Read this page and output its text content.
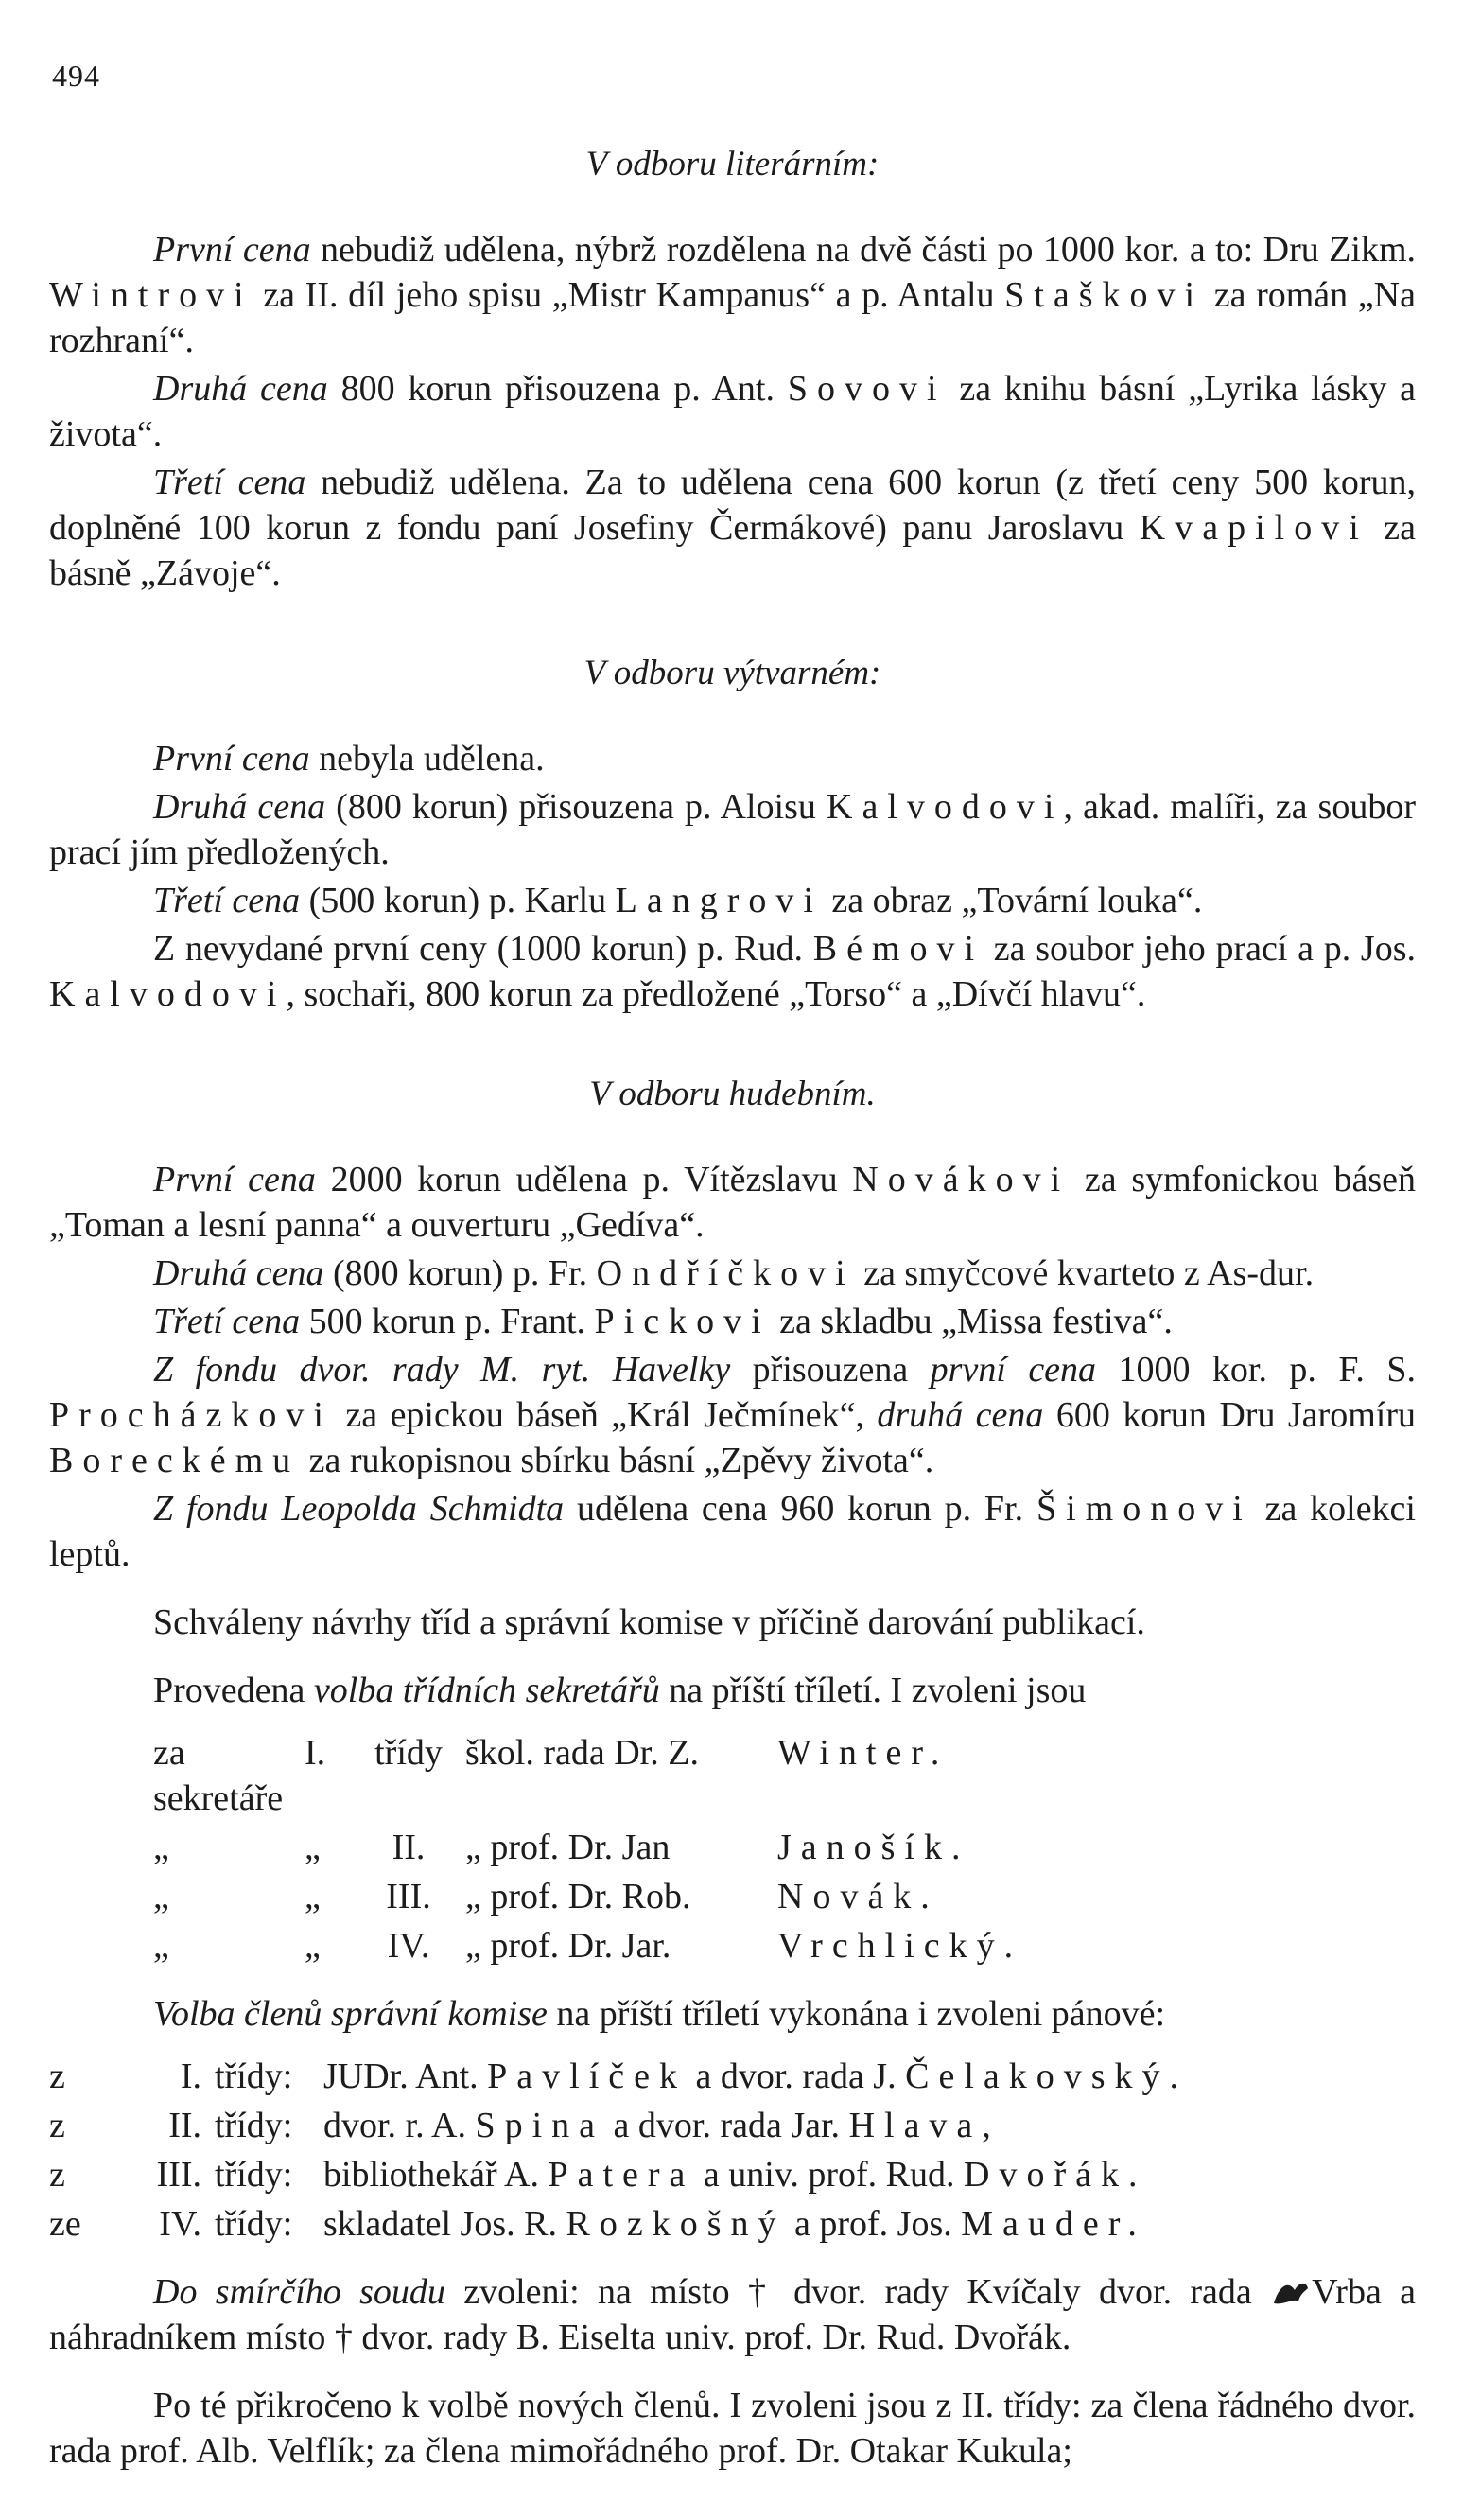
494
V odboru literárním:

První cena nebudiž udělena, nýbrž rozdělena na dvě části po 1000 kor. a to: Dru Zikm. Wintrovi za II. díl jeho spisu „Mistr Kampanus“ a p. Antalu Staškovi za román „Na rozhraní“.

Druhá cena 800 korun přisouzena p. Ant. Sovovi za knihu básní „Lyrika lásky a života“.

Třetí cena nebudiž udělena. Za to udělena cena 600 korun (z třetí ceny 500 korun, doplněné 100 korun z fondu paní Josefiny Čermákové) panu Jaroslavu Kvapilovi za básně „Závoje“.

V odboru výtvarném:

První cena nebyla udělena.

Druhá cena (800 korun) přisouzena p. Aloisu Kalvodovi, akad. malíři, za soubor prací jím předložených.

Třetí cena (500 korun) p. Karlu Langrovi za obraz „Tovární louka“.

Z nevydané první ceny (1000 korun) p. Rud. Bémovi za soubor jeho prací a p. Jos. Kalvodovi, sochaři, 800 korun za předložené „Torso“ a „Dívčí hlavu“.

V odboru hudebním.

První cena 2000 korun udělena p. Vítězslavu Novákovi za symfonickou báseň „Toman a lesní panna“ a ouverturu „Gedíva“.

Druhá cena (800 korun) p. Fr. Ondříčkovi za smyčcové kvarteto z As-dur.

Třetí cena 500 korun p. Frant. Pickovi za skladbu „Missa festiva“.

Z fondu dvor. rady M. ryt. Havelky přisouzena první cena 1000 kor. p. F. S. Procházkovi za epickou báseň „Král Ječmínek“, druhá cena 600 korun Dru Jaromíru Boreckému za rukopisnou sbírku básní „Zpěvy života“.

Z fondu Leopolda Schmidta udělena cena 960 korun p. Fr. Šimonovi za kolekci leptů.

Schváleny návrhy tříd a správní komise v příčině darování publikací.

Provedena volba třídních sekretářů na příští tříletí. I zvoleni jsou

za sekretáře
I.	třídy škol. rada Dr. Z.	Winter.
„	„	II.	„ prof. Dr. Jan	Janošík.
„	„	III. „ prof. Dr. Rob.	Novák.
„	„	IV. „ prof. Dr. Jar.	Vrchlický.

Volba členů správní komise na příští tříletí vykonána i zvoleni pánové:

z	I. třídy: JUDr. Ant. Pavlíček a dvor. rada J. Čelakovský.
z	II. třídy: dvor. r. A. Spina a dvor. rada Jar. Hlava,
z	III. třídy: bibliothekář A. Patera a univ. prof. Rud. Dvořák.
ze	IV. třídy: skladatel Jos. R. Rozkošný a prof. Jos. Mauder.

Do smírčího soudu zvoleni: na místo † dvor. rady Kvíčaly dvor. rada Vrba a náhradníkem místo † dvor. rady B. Eiselta univ. prof. Dr. Rud. Dvořák.

Po té přikročeno k volbě nových členů. I zvoleni jsou z II. třídy: za člena řádného dvor. rada prof. Alb. Velflík; za člena mimořádného prof. Dr. Otakar Kukula;
